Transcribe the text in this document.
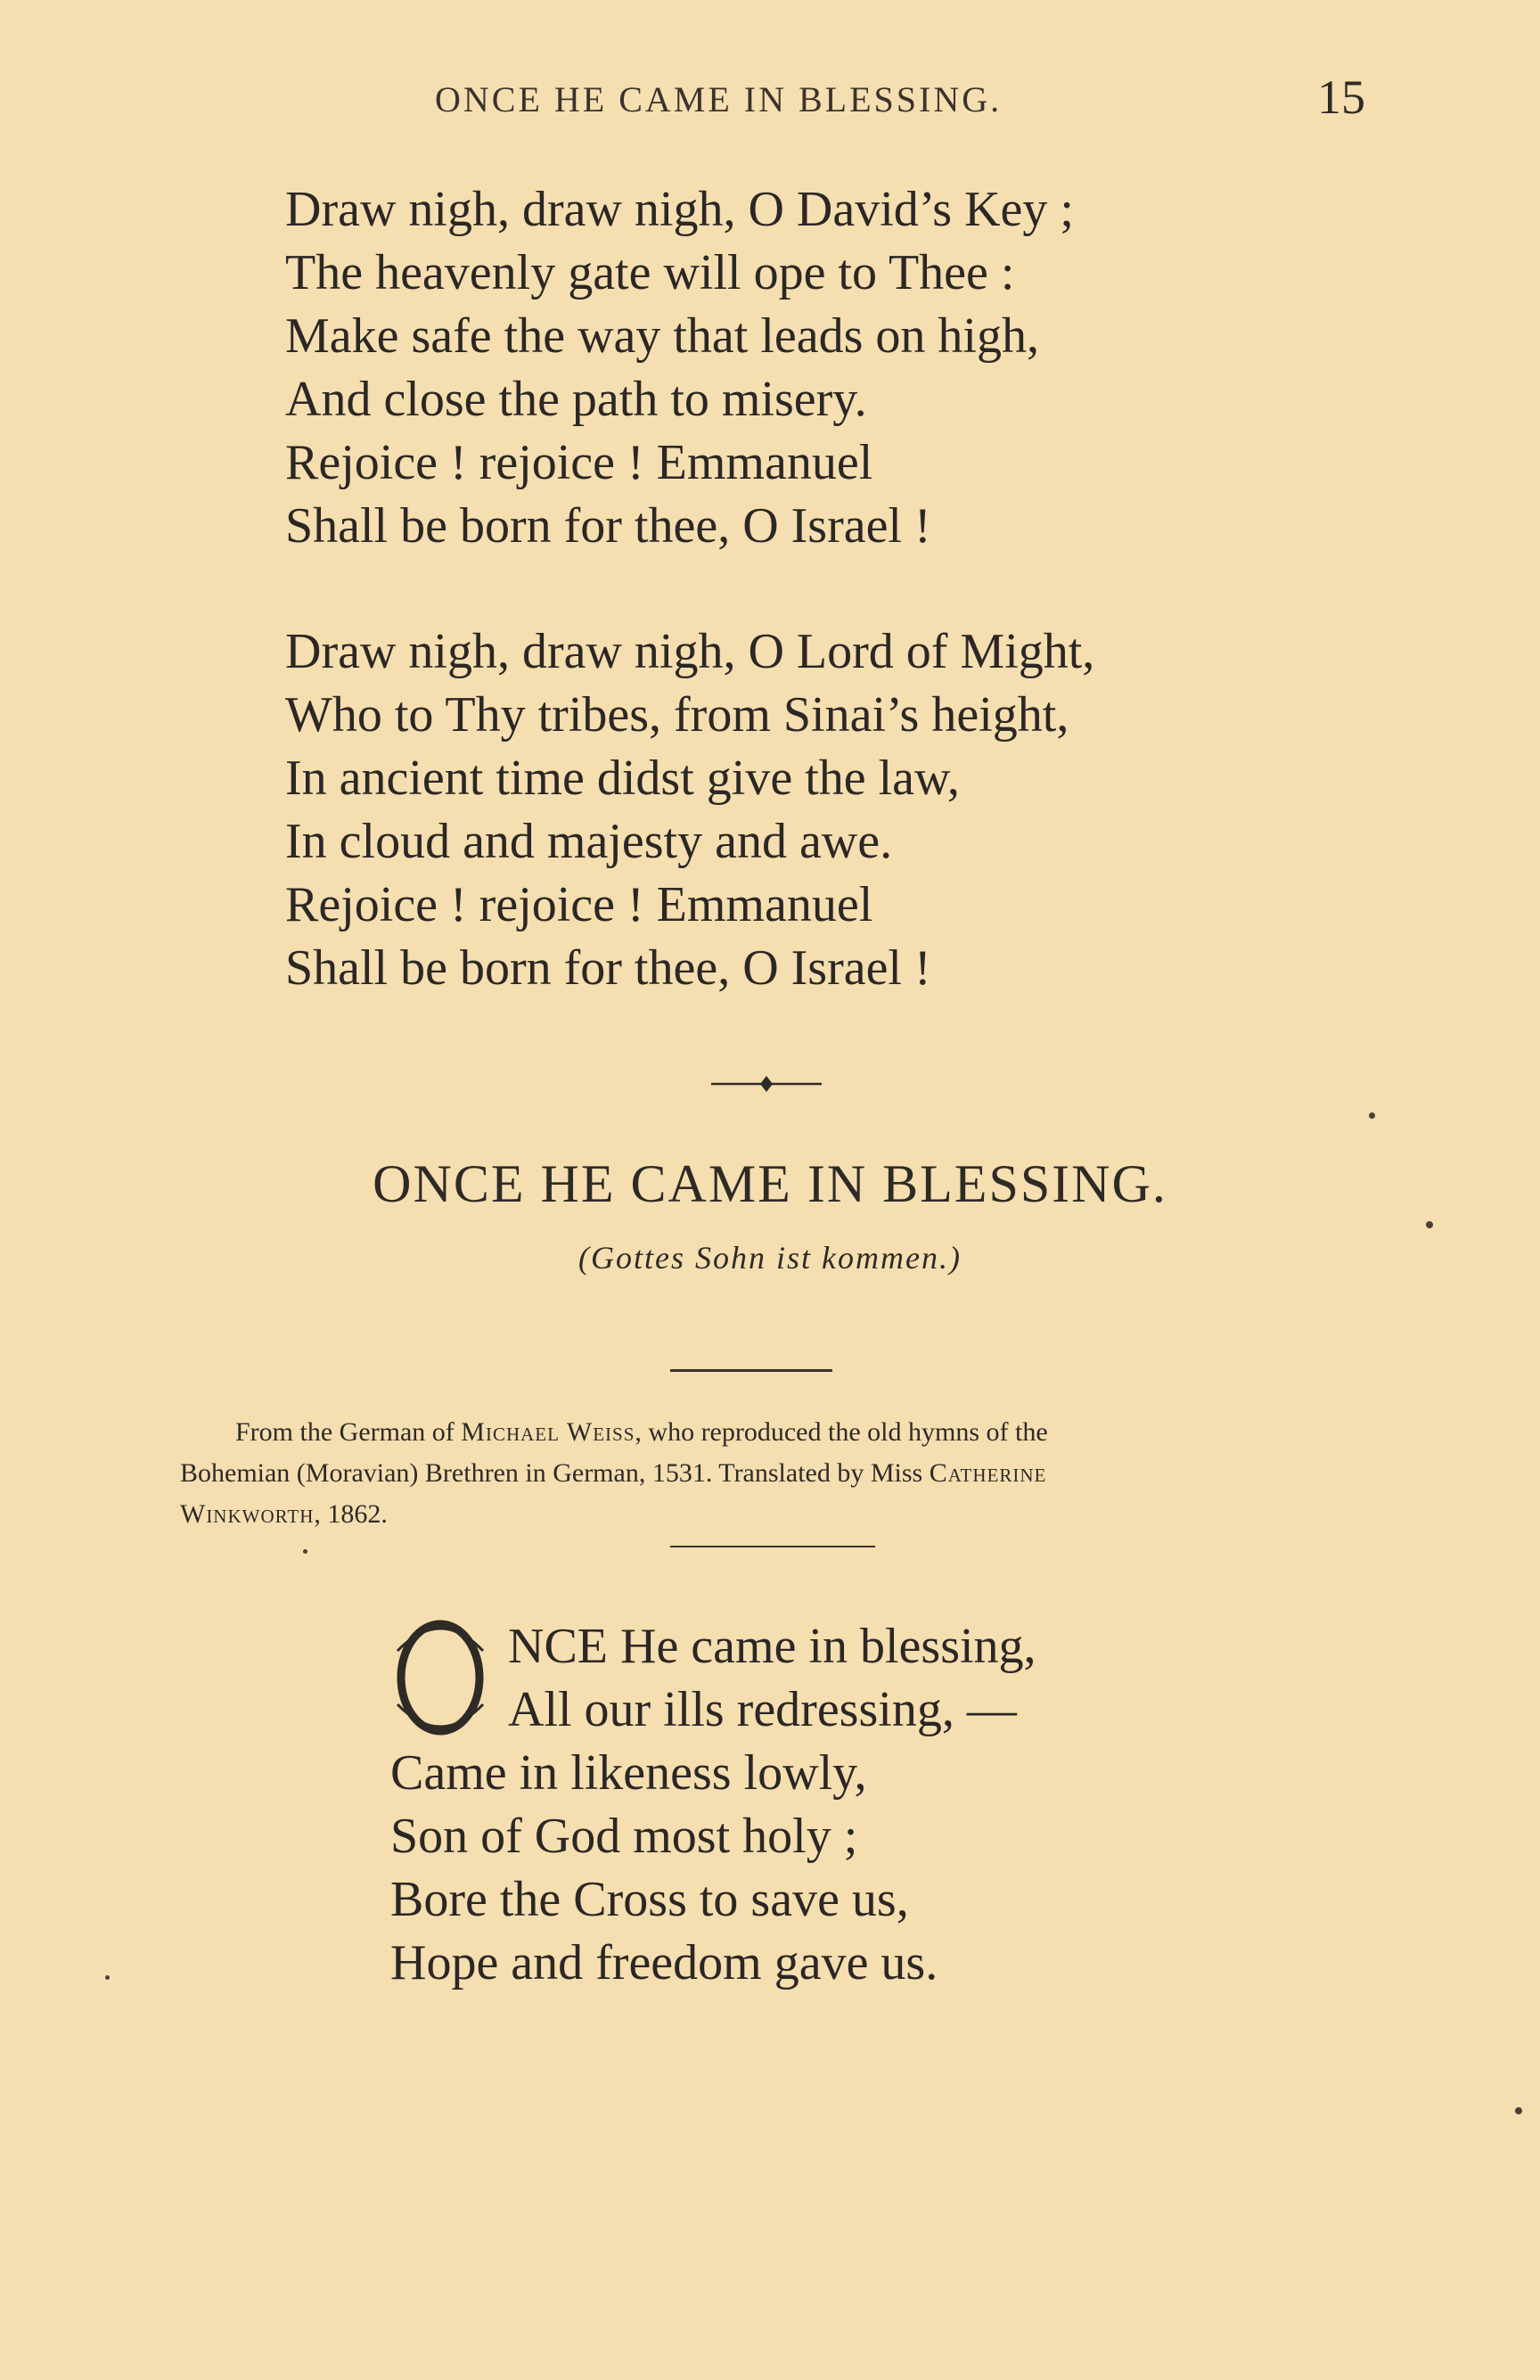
ONCE HE CAME IN BLESSING.	15
Draw nigh, draw nigh, O David’s Key ;
The heavenly gate will ope to Thee :
Make safe the way that leads on high,
And close the path to misery.
Rejoice ! rejoice ! Emmanuel
Shall be born for thee, O Israel !
Draw nigh, draw nigh, O Lord of Might,
Who to Thy tribes, from Sinai’s height,
In ancient time didst give the law,
In cloud and majesty and awe.
Rejoice ! rejoice ! Emmanuel
Shall be born for thee, O Israel !
ONCE HE CAME IN BLESSING.
(Gottes Sohn ist kommen.)
From the German of Michael Weiss, who reproduced the old hymns of the
Bohemian (Moravian) Brethren in German, 1531. Translated by Miss Catherine
Winkworth, 1862.
NCE He came in blessing,
All our ills redressing, —
Came in likeness lowly,
Son of God most holy ;
Bore the Cross to save us,
Hope and freedom gave us.
